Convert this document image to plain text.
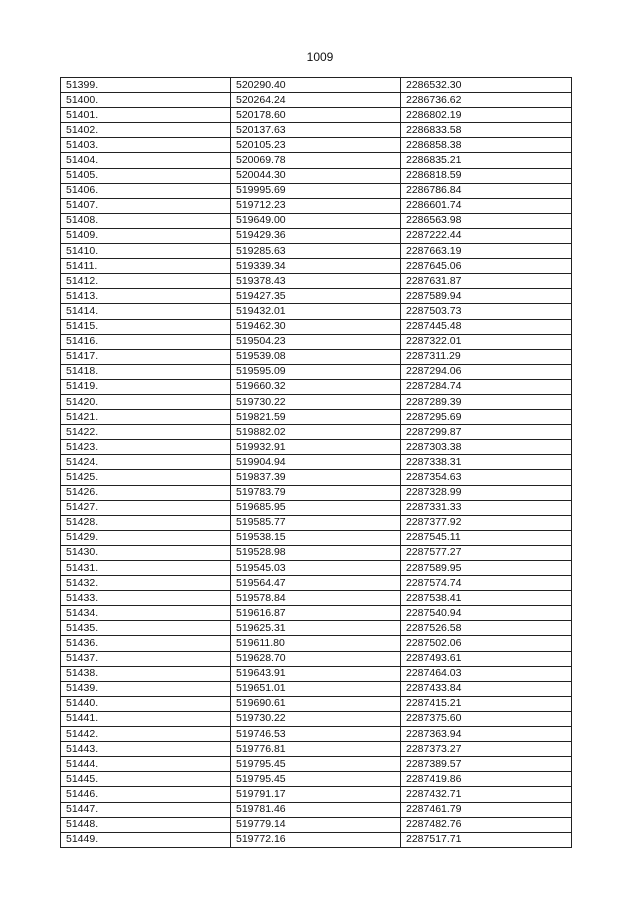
1009
51399.	520290.40	2286532.30
51400.	520264.24	2286736.62
51401.	520178.60	2286802.19
51402.	520137.63	2286833.58
51403.	520105.23	2286858.38
51404.	520069.78	2286835.21
51405.	520044.30	2286818.59
51406.	519995.69	2286786.84
51407.	519712.23	2286601.74
51408.	519649.00	2286563.98
51409.	519429.36	2287222.44
51410.	519285.63	2287663.19
51411.	519339.34	2287645.06
51412.	519378.43	2287631.87
51413.	519427.35	2287589.94
51414.	519432.01	2287503.73
51415.	519462.30	2287445.48
51416.	519504.23	2287322.01
51417.	519539.08	2287311.29
51418.	519595.09	2287294.06
51419.	519660.32	2287284.74
51420.	519730.22	2287289.39
51421.	519821.59	2287295.69
51422.	519882.02	2287299.87
51423.	519932.91	2287303.38
51424.	519904.94	2287338.31
51425.	519837.39	2287354.63
51426.	519783.79	2287328.99
51427.	519685.95	2287331.33
51428.	519585.77	2287377.92
51429.	519538.15	2287545.11
51430.	519528.98	2287577.27
51431.	519545.03	2287589.95
51432.	519564.47	2287574.74
51433.	519578.84	2287538.41
51434.	519616.87	2287540.94
51435.	519625.31	2287526.58
51436.	519611.80	2287502.06
51437.	519628.70	2287493.61
51438.	519643.91	2287464.03
51439.	519651.01	2287433.84
51440.	519690.61	2287415.21
51441.	519730.22	2287375.60
51442.	519746.53	2287363.94
51443.	519776.81	2287373.27
51444.	519795.45	2287389.57
51445.	519795.45	2287419.86
51446.	519791.17	2287432.71
51447.	519781.46	2287461.79
51448.	519779.14	2287482.76
51449.	519772.16	2287517.71
